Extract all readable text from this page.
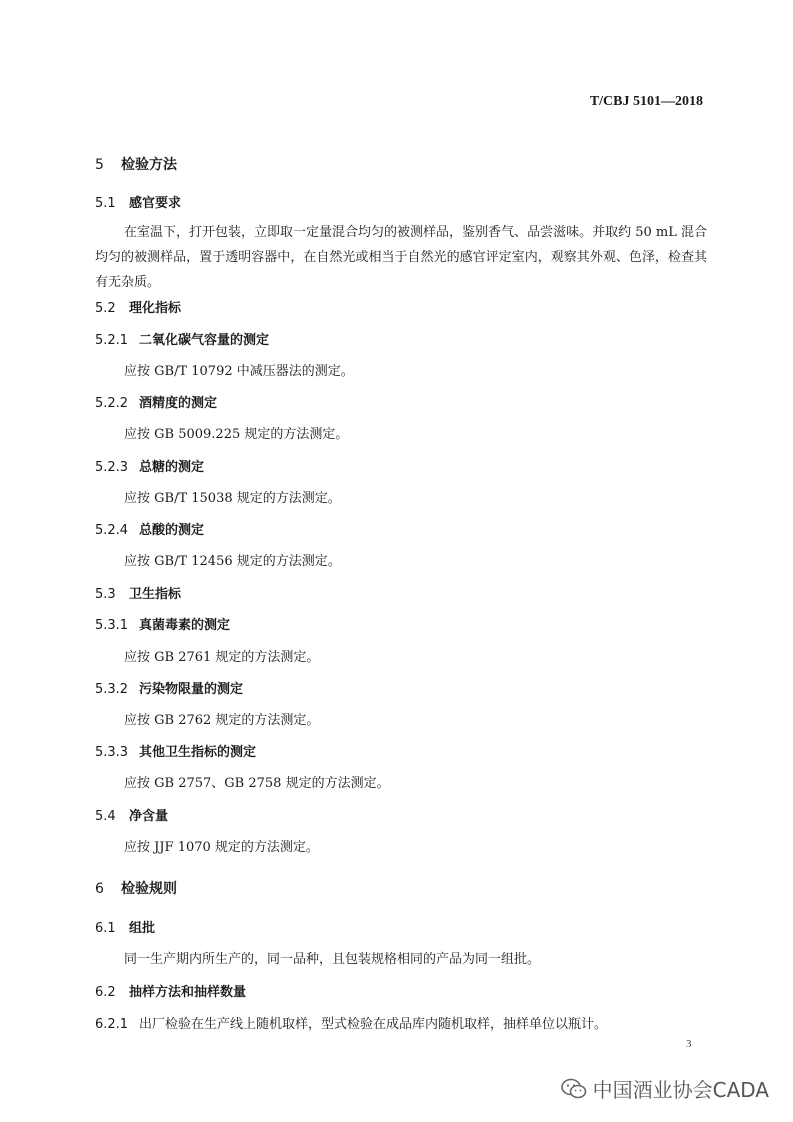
T/CBJ 5101—2018
5 检验方法
5.1 感官要求
在室温下，打开包装，立即取一定量混合均匀的被测样品，鉴别香气、品尝滋味。并取约 50 mL 混合均匀的被测样品，置于透明容器中，在自然光或相当于自然光的感官评定室内，观察其外观、色泽，检查其有无杂质。
5.2 理化指标
5.2.1 二氧化碳气容量的测定
应按 GB/T 10792 中减压器法的测定。
5.2.2 酒精度的测定
应按 GB 5009.225 规定的方法测定。
5.2.3 总糖的测定
应按 GB/T 15038 规定的方法测定。
5.2.4 总酸的测定
应按 GB/T 12456 规定的方法测定。
5.3 卫生指标
5.3.1 真菌毒素的测定
应按 GB 2761 规定的方法测定。
5.3.2 污染物限量的测定
应按 GB 2762 规定的方法测定。
5.3.3 其他卫生指标的测定
应按 GB 2757、GB 2758 规定的方法测定。
5.4 净含量
应按 JJF 1070 规定的方法测定。
6 检验规则
6.1 组批
同一生产期内所生产的，同一品种，且包装规格相同的产品为同一组批。
6.2 抽样方法和抽样数量
6.2.1 出厂检验在生产线上随机取样，型式检验在成品库内随机取样，抽样单位以瓶计。
3
中国酒业协会CADA
